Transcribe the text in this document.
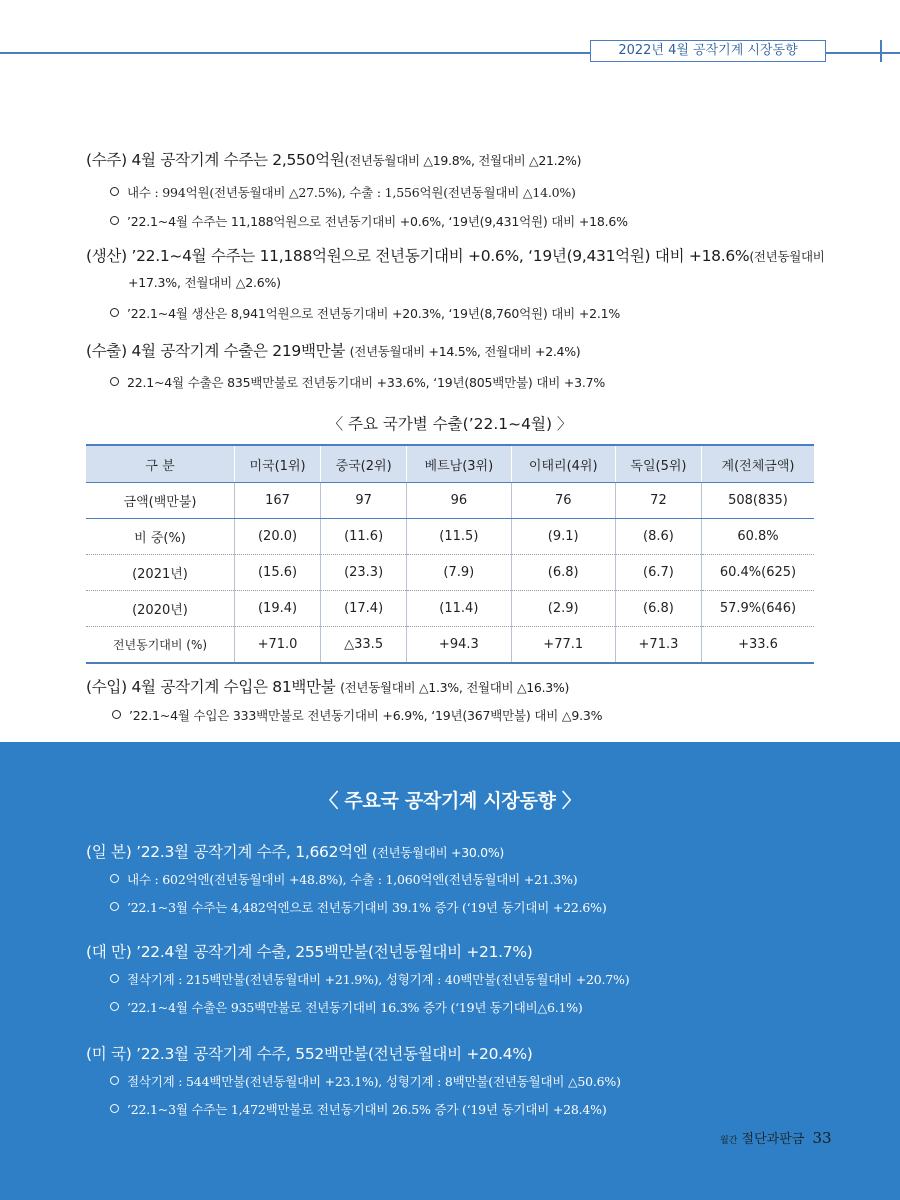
2022년 4월 공작기계 시장동향
(수주) 4월 공작기계 수주는 2,550억원(전년동월대비 △19.8%, 전월대비 △21.2%)
내수 : 994억원(전년동월대비 △27.5%), 수출 : 1,556억원(전년동월대비 △14.0%)
’22.1~4월 수주는 11,188억원으로 전년동기대비 +0.6%, ‘19년(9,431억원) 대비 +18.6%
(생산) ’22.1~4월 수주는 11,188억원으로 전년동기대비 +0.6%, ‘19년(9,431억원) 대비 +18.6%(전년동월대비
+17.3%, 전월대비 △2.6%)
’22.1~4월 생산은 8,941억원으로 전년동기대비 +20.3%, ‘19년(8,760억원) 대비 +2.1%
(수출) 4월 공작기계 수출은 219백만불 (전년동월대비 +14.5%, 전월대비 +2.4%)
22.1~4월 수출은 835백만불로 전년동기대비 +33.6%, ‘19년(805백만불) 대비 +3.7%
〈 주요 국가별 수출(’22.1~4월) 〉
구 분	미국(1위)	중국(2위)	베트남(3위)	이태리(4위)	독일(5위)	계(전체금액)
금액(백만불)	167	97	96	76	72	508(835)
비 중(%)	(20.0)	(11.6)	(11.5)	(9.1)	(8.6)	60.8%
(2021년)	(15.6)	(23.3)	(7.9)	(6.8)	(6.7)	60.4%(625)
(2020년)	(19.4)	(17.4)	(11.4)	(2.9)	(6.8)	57.9%(646)
전년동기대비 (%)	+71.0	△33.5	+94.3	+77.1	+71.3	+33.6
(수입) 4월 공작기계 수입은 81백만불 (전년동월대비 △1.3%, 전월대비 △16.3%)
’22.1~4월 수입은 333백만불로 전년동기대비 +6.9%, ‘19년(367백만불) 대비 △9.3%
〈 주요국 공작기계 시장동향 〉
(일 본) ’22.3월 공작기계 수주, 1,662억엔 (전년동월대비 +30.0%)
내수 : 602억엔(전년동월대비 +48.8%), 수출 : 1,060억엔(전년동월대비 +21.3%)
’22.1~3월 수주는 4,482억엔으로 전년동기대비 39.1% 증가 (‘19년 동기대비 +22.6%)
(대 만) ’22.4월 공작기계 수출, 255백만불(전년동월대비 +21.7%)
절삭기계 : 215백만불(전년동월대비 +21.9%), 성형기계 : 40백만불(전년동월대비 +20.7%)
’22.1~4월 수출은 935백만불로 전년동기대비 16.3% 증가 (‘19년 동기대비△6.1%)
(미 국) ’22.3월 공작기계 수주, 552백만불(전년동월대비 +20.4%)
절삭기계 : 544백만불(전년동월대비 +23.1%), 성형기계 : 8백만불(전년동월대비 △50.6%)
’22.1~3월 수주는 1,472백만불로 전년동기대비 26.5% 증가 (‘19년 동기대비 +28.4%)
월간 절단과판금 33
